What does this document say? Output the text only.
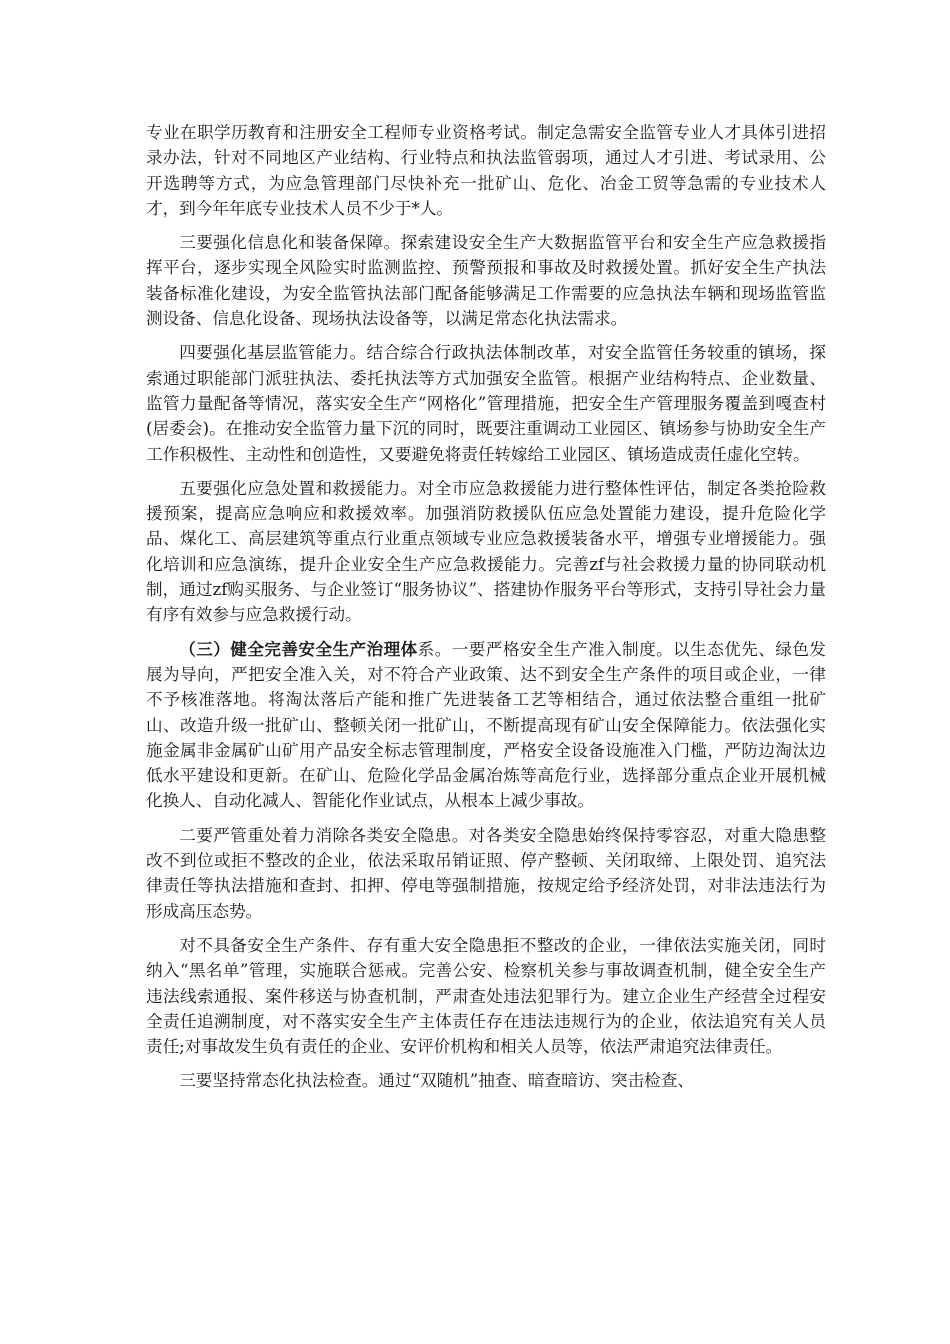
专业在职学历教育和注册安全工程师专业资格考试。制定急需安全监管专业人才具体引进招录办法，针对不同地区产业结构、行业特点和执法监管弱项，通过人才引进、考试录用、公开选聘等方式，为应急管理部门尽快补充一批矿山、危化、冶金工贸等急需的专业技术人才，到今年年底专业技术人员不少于*人。

三要强化信息化和装备保障。探索建设安全生产大数据监管平台和安全生产应急救援指挥平台，逐步实现全风险实时监测监控、预警预报和事故及时救援处置。抓好安全生产执法装备标准化建设，为安全监管执法部门配备能够满足工作需要的应急执法车辆和现场监管监测设备、信息化设备、现场执法设备等，以满足常态化执法需求。

四要强化基层监管能力。结合综合行政执法体制改革，对安全监管任务较重的镇场，探索通过职能部门派驻执法、委托执法等方式加强安全监管。根据产业结构特点、企业数量、监管力量配备等情况，落实安全生产“网格化”管理措施，把安全生产管理服务覆盖到嘎查村(居委会)。在推动安全监管力量下沉的同时，既要注重调动工业园区、镇场参与协助安全生产工作积极性、主动性和创造性，又要避免将责任转嫁给工业园区、镇场造成责任虚化空转。

五要强化应急处置和救援能力。对全市应急救援能力进行整体性评估，制定各类抢险救援预案，提高应急响应和救援效率。加强消防救援队伍应急处置能力建设，提升危险化学品、煤化工、高层建筑等重点行业重点领域专业应急救援装备水平，增强专业增援能力。强化培训和应急演练，提升企业安全生产应急救援能力。完善zf与社会救援力量的协同联动机制，通过zf购买服务、与企业签订“服务协议”、搭建协作服务平台等形式，支持引导社会力量有序有效参与应急救援行动。

（三）健全完善安全生产治理体系。一要严格安全生产准入制度。以生态优先、绿色发展为导向，严把安全准入关，对不符合产业政策、达不到安全生产条件的项目或企业，一律不予核准落地。将淘汰落后产能和推广先进装备工艺等相结合，通过依法整合重组一批矿山、改造升级一批矿山、整顿关闭一批矿山，不断提高现有矿山安全保障能力。依法强化实施金属非金属矿山矿用产品安全标志管理制度，严格安全设备设施准入门槛，严防边淘汰边低水平建设和更新。在矿山、危险化学品金属冶炼等高危行业，选择部分重点企业开展机械化换人、自动化减人、智能化作业试点，从根本上减少事故。

二要严管重处着力消除各类安全隐患。对各类安全隐患始终保持零容忍，对重大隐患整改不到位或拒不整改的企业，依法采取吊销证照、停产整顿、关闭取缔、上限处罚、追究法律责任等执法措施和查封、扣押、停电等强制措施，按规定给予经济处罚，对非法违法行为形成高压态势。

对不具备安全生产条件、存有重大安全隐患拒不整改的企业，一律依法实施关闭，同时纳入“黑名单”管理，实施联合惩戒。完善公安、检察机关参与事故调查机制，健全安全生产违法线索通报、案件移送与协查机制，严肃查处违法犯罪行为。建立企业生产经营全过程安全责任追溯制度，对不落实安全生产主体责任存在违法违规行为的企业，依法追究有关人员责任;对事故发生负有责任的企业、安评价机构和相关人员等，依法严肃追究法律责任。

三要坚持常态化执法检查。通过“双随机”抽查、暗查暗访、突击检查、
